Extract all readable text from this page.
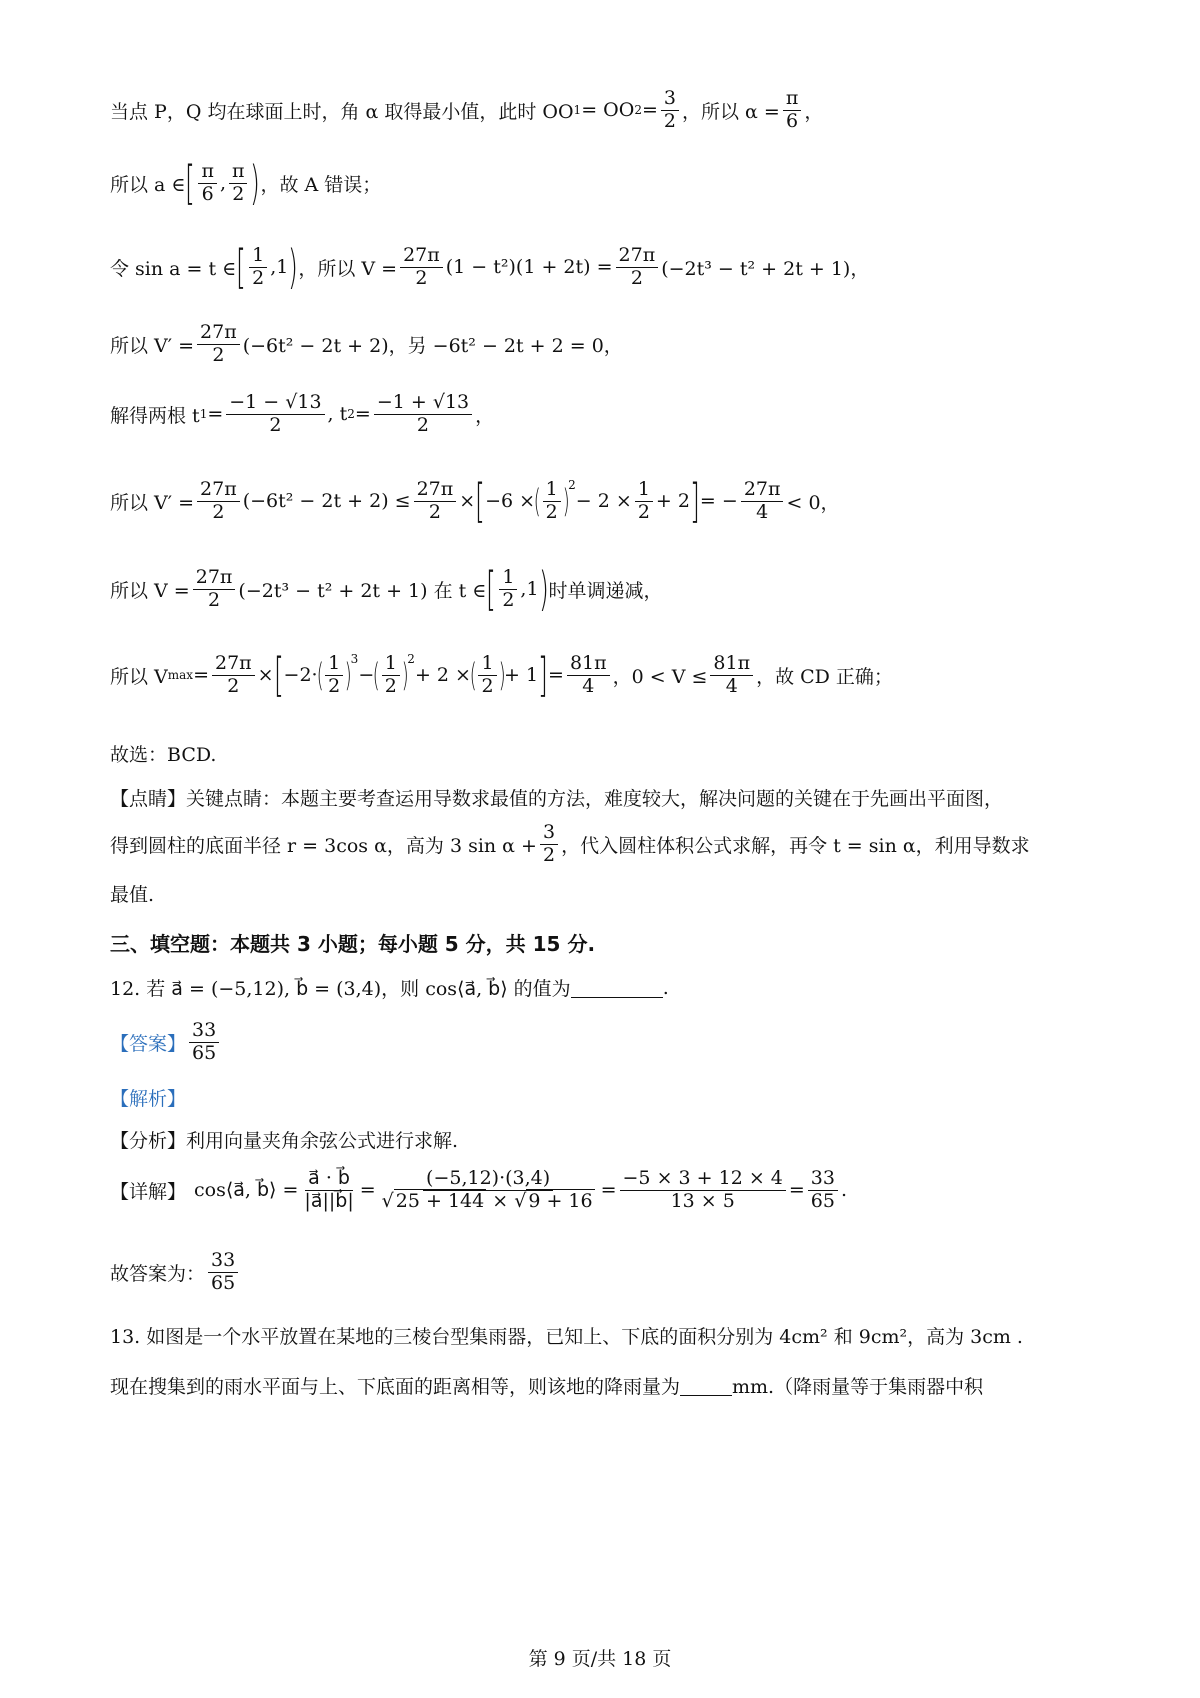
当点 P，Q 均在球面上时，角 α 取得最小值，此时 OO 1 = OO $2 = \frac{3}{2}$ ，所以 $\alpha = \frac{\pi}{6}$ ，
所以 a ∈ [ $\frac{\pi}{6}$ , $\frac{\pi}{2}$ ) ，故 A 错误；
令 sin a = t ∈ [ $\frac{1}{2} ,1$ ) ，所以 $V = \frac{27\pi}{2} (1 - t^2)(1 + 2t) = \frac{27\pi}{2} (-2t^3 - t^2 + 2t + 1)$，
所以 $V' = \frac{27\pi}{2} (-6t^2 - 2t + 2)$，另 −6t² − 2t + 2 = 0，
解得两根 t $1 = \frac{-1 - √13}{2}$ , t $2 = \frac{-1 + √13}{2}$ ，
所以 $V' = \frac{27\pi}{2} (-6t^2 - 2t + 2) \le \frac{27\pi}{2}$ × [ −6 ×
( $\frac{1}{2}$ )
2
− $2 \times \frac{1}{2} + 2$ ] = − $\frac{27\pi}{4} < 0$，
所以 $V = \frac{27\pi}{2} (-2t^3 - t^2 + 2t + 1)$ 在 t ∈ [ $\frac{1}{2} ,1$ ) 时单调递减，
所以 V $\max = \frac{27\pi}{2}$ × [ −2·
( $\frac{1}{2}$ )
3
−
( $\frac{1}{2}$ )
2
+ 2 ×
( $\frac{1}{2}$ )
+ 1 ] = $\frac{81\pi}{4}$ ，$0 < V \le \frac{81\pi}{4}$ ，故 CD 正确；
故选：BCD.
【点睛】关键点睛：本题主要考查运用导数求最值的方法，难度较大，解决问题的关键在于先画出平面图，
得到圆柱的底面半径 r = 3cos α，高为 3 $\sin \alpha + \frac{3}{2}$ ，代入圆柱体积公式求解，再令 t = sin α，利用导数求
最值.
三、填空题：本题共 3 小题；每小题 5 分，共 15 分.
12. 若 a⃗ = (−5,12), b⃗ = (3,4)，则 cos⟨a⃗, b⃗⟩ 的值为	.
【答案】 $\frac{33}{65}$
【解析】
【分析】利用向量夹角余弦公式进行求解.
【详解】 cos⟨a⃗, b⃗⟩ = $\frac{a⃗ \cdot b⃗}{|a⃗||b⃗|} = \frac{(-5,12)\cdot(3,4)}{√ 25 + 144 \times √ 9 + 16} = \frac{-5 \times 3 + 12 \times 4}{13 \times 5} = \frac{33}{65}$ .
故答案为： $\frac{33}{65}$
13. 如图是一个水平放置在某地的三棱台型集雨器，已知上、下底的面积分别为 4cm² 和 9cm²，高为 3cm .
现在搜集到的雨水平面与上、下底面的距离相等，则该地的降雨量为	mm.（降雨量等于集雨器中积
第 9 页/共 18 页
